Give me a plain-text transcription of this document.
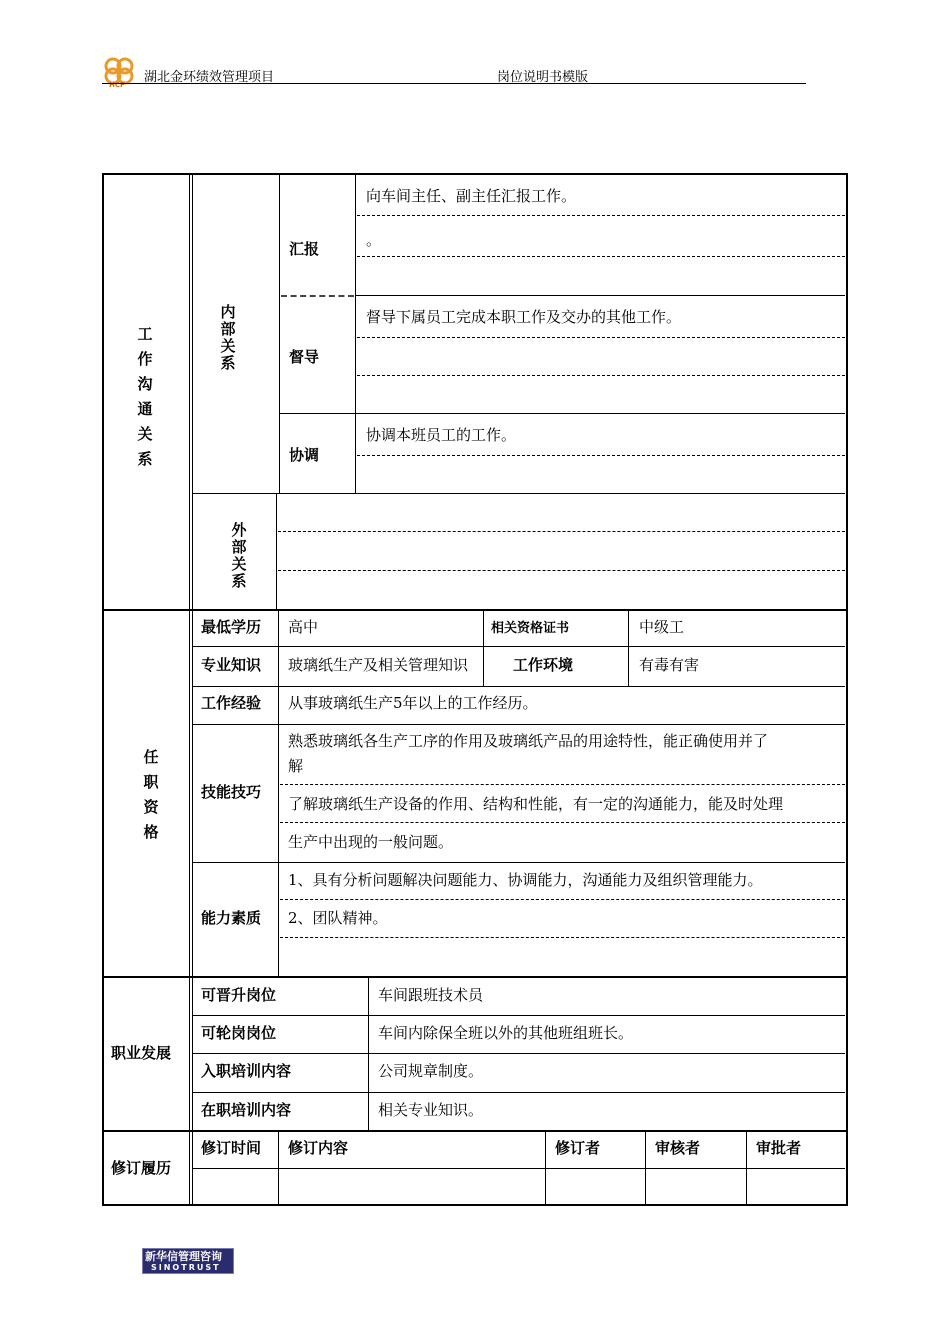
HCF 湖北金环绩效管理项目	岗位说明书模版
工作沟通关系
内部关系
汇报
向车间主任、副主任汇报工作。
。
督导
督导下属员工完成本职工作及交办的其他工作。
协调
协调本班员工的工作。
外部关系
任职资格
最低学历 高中	相关资格证书	中级工
专业知识 玻璃纸生产及相关管理知识	工作环境	有毒有害
工作经验 从事玻璃纸生产5年以上的工作经历。
技能技巧
熟悉玻璃纸各生产工序的作用及玻璃纸产品的用途特性，能正确使用并了
解
了解玻璃纸生产设备的作用、结构和性能，有一定的沟通能力，能及时处理
生产中出现的一般问题。
能力素质
1、具有分析问题解决问题能力、协调能力，沟通能力及组织管理能力。
2、团队精神。
职业发展
可晋升岗位	车间跟班技术员
可轮岗岗位	车间内除保全班以外的其他班组班长。
入职培训内容	公司规章制度。
在职培训内容	相关专业知识。
修订履历
修订时间 修订内容	修订者	审核者	审批者
新华信管理咨询
SINOTRUST
